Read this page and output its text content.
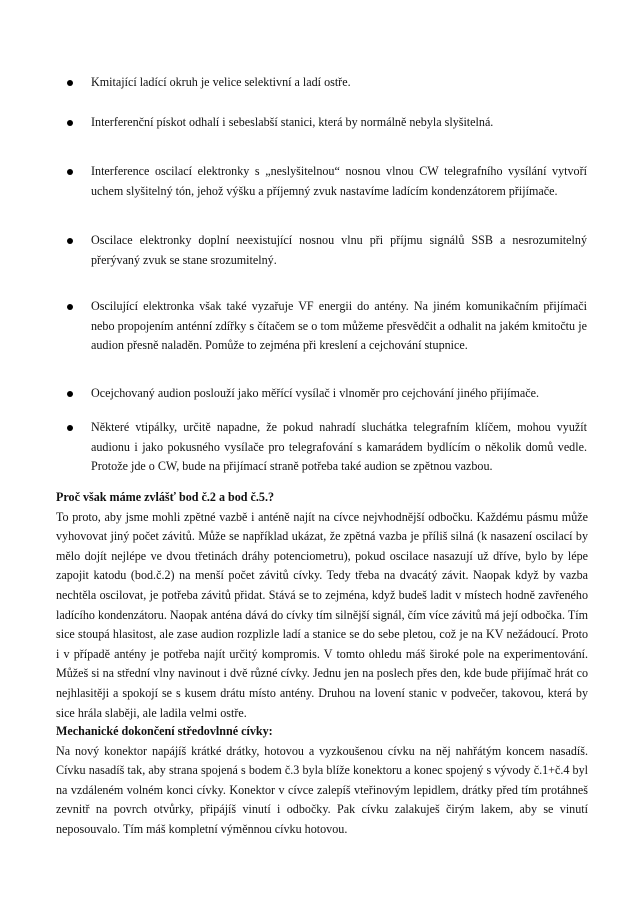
Kmitající ladící okruh je velice selektivní a ladí ostře.
Interferenční pískot odhalí i sebeslabší stanici, která by normálně nebyla slyšitelná.
Interference oscilací elektronky s „neslyšitelnou“ nosnou vlnou CW telegrafního vysílání vytvoří uchem slyšitelný tón, jehož výšku a příjemný zvuk nastavíme ladícím kondenzátorem přijímače.
Oscilace elektronky doplní neexistující nosnou vlnu při příjmu signálů SSB a nesrozumitelný přerývaný zvuk se stane srozumitelný.
Oscilující elektronka však také vyzařuje VF energii do antény. Na jiném komunikačním přijímači nebo propojením anténní zdířky s čítačem se o tom můžeme přesvědčit a odhalit na jakém kmitočtu je audion přesně naladěn. Pomůže to zejména při kreslení a cejchování stupnice.
Ocejchovaný audion poslouží jako měřící vysílač i vlnoměr pro cejchování jiného přijímače.
Některé vtipálky, určitě napadne, že pokud nahradí sluchátka telegrafním klíčem, mohou využít audionu i jako pokusného vysílače pro telegrafování s kamarádem bydlícím o několik domů vedle. Protože jde o CW, bude na přijímací straně potřeba také audion se zpětnou vazbou.
Proč však máme zvlášť bod č.2 a bod č.5.?

To proto, aby jsme mohli zpětné vazbě i anténě najít na cívce nejvhodnější odbočku. Každému pásmu může vyhovovat jiný počet závitů. Může se například ukázat, že zpětná vazba je příliš silná (k nasazení oscilací by mělo dojít nejlépe ve dvou třetinách dráhy potenciometru), pokud oscilace nasazují už dříve, bylo by lépe zapojit katodu (bod.č.2) na menší počet závitů cívky. Tedy třeba na dvacátý závit. Naopak když by vazba nechtěla oscilovat, je potřeba závitů přidat. Stává se to zejména, když budeš ladit v místech hodně zavřeného ladícího kondenzátoru. Naopak anténa dává do cívky tím silnější signál, čím více závitů má její odbočka. Tím sice stoupá hlasitost, ale zase audion rozplizle ladí a stanice se do sebe pletou, což je na KV nežádoucí. Proto i v případě antény je potřeba najít určitý kompromis. V tomto ohledu máš široké pole na experimentování. Můžeš si na střední vlny navinout i dvě různé cívky. Jednu jen na poslech přes den, kde bude přijímač hrát co nejhlasitěji a spokojí se s kusem drátu místo antény. Druhou na lovení stanic v podvečer, takovou, která by sice hrála slaběji, ale ladila velmi ostře.

Mechanické dokončení středovlnné cívky:

Na nový konektor napájíš krátké drátky, hotovou a vyzkoušenou cívku na něj nahřátým koncem nasadíš. Cívku nasadíš tak, aby strana spojená s bodem č.3 byla blíže konektoru a konec spojený s vývody č.1+č.4 byl na vzdáleném volném konci cívky. Konektor v cívce zalepíš vteřinovým lepidlem, drátky před tím protáhneš zevnitř na povrch otvůrky, připájíš vinutí i odbočky. Pak cívku zalakuješ čirým lakem, aby se vinutí neposouvalo. Tím máš kompletní výměnnou cívku hotovou.
